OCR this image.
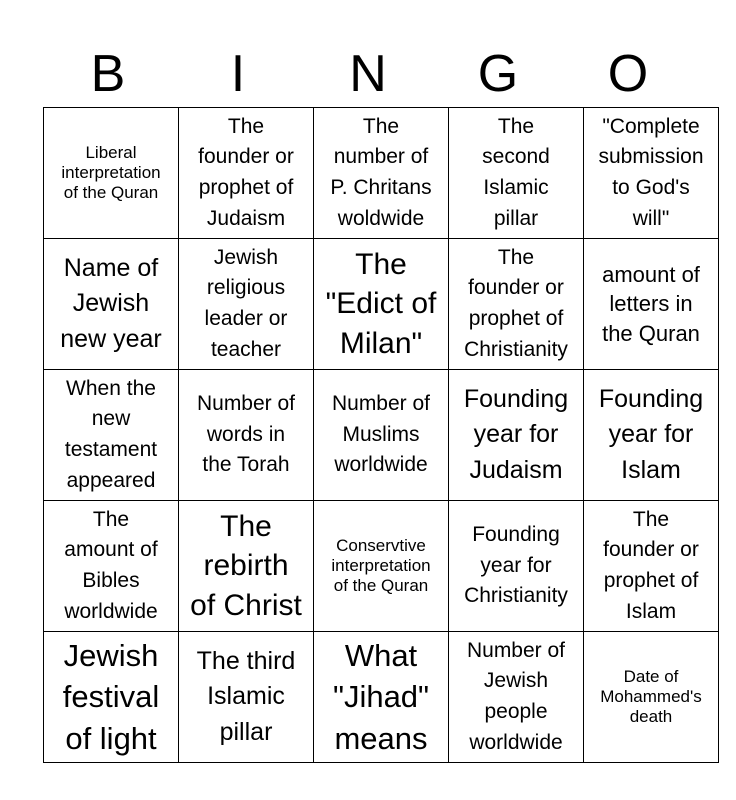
B	I	N	G	O
Liberal
interpretation
of the Quran	The
founder or
prophet of
Judaism	The
number of
P. Chritans
woldwide	The
second
Islamic
pillar	"Complete
submission
to God's
will"

Name of
Jewish
new year	Jewish
religious
leader or
teacher	The
"Edict of
Milan"	The
founder or
prophet of
Christianity	amount of
letters in
the Quran

When the
new
testament
appeared	Number of
words in
the Torah	Number of
Muslims
worldwide	Founding
year for
Judaism	Founding
year for
Islam

The
amount of
Bibles
worldwide	The
rebirth
of Christ	Conservtive
interpretation
of the Quran	Founding
year for
Christianity	The
founder or
prophet of
Islam

Jewish
festival
of light	The third
Islamic
pillar	What
"Jihad"
means	Number of
Jewish
people
worldwide	Date of
Mohammed's
death
